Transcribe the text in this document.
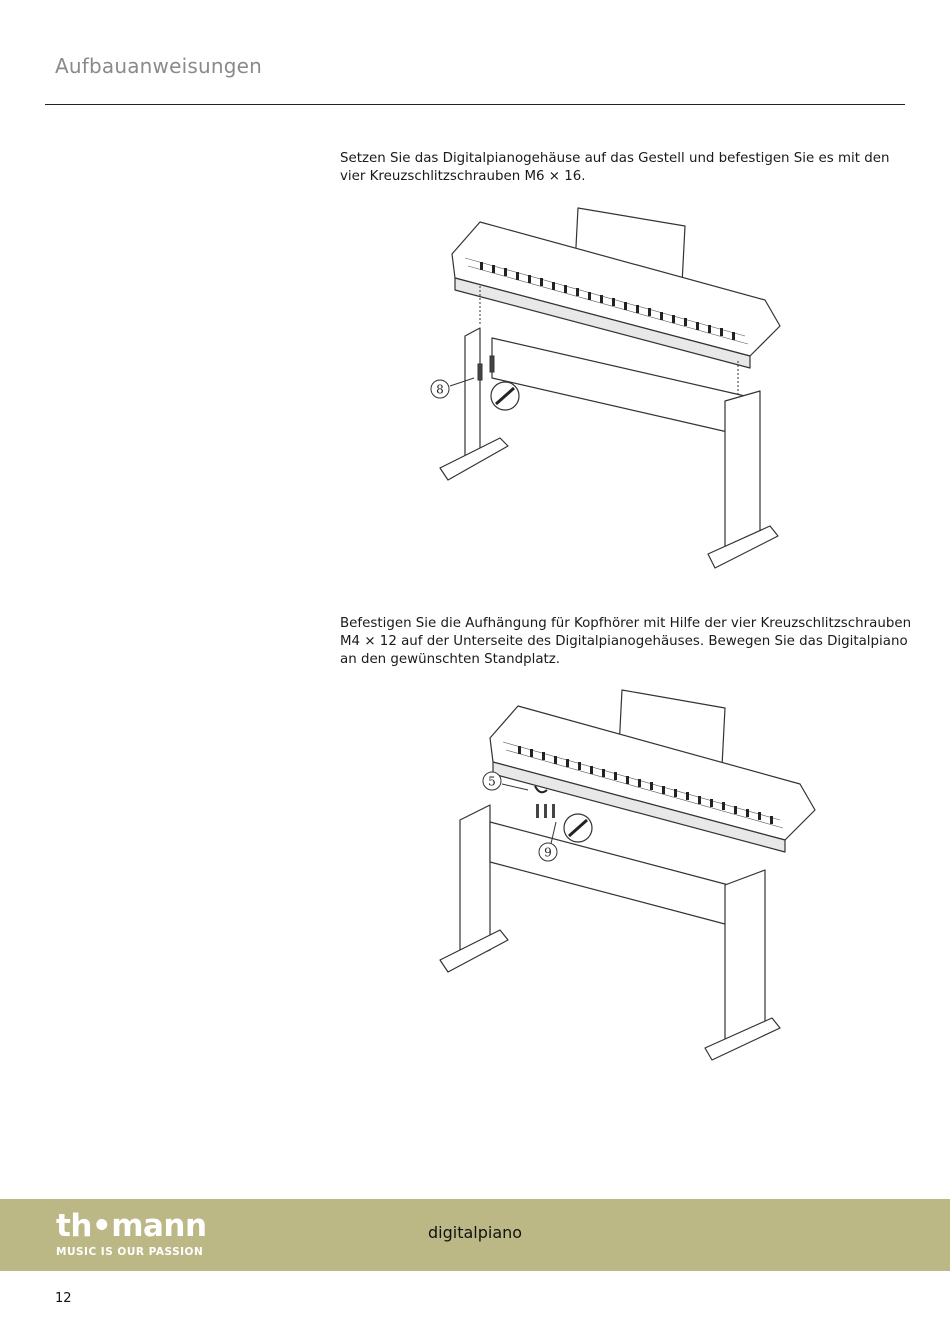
Aufbauanweisungen

Setzen Sie das Digitalpianogehäuse auf das Gestell und befestigen Sie es mit den vier Kreuzschlitzschrauben M6 × 16.

8

Befestigen Sie die Aufhängung für Kopfhörer mit Hilfe der vier Kreuzschlitzschrauben M4 × 12 auf der Unterseite des Digitalpianogehäuses. Bewegen Sie das Digitalpiano an den gewünschten Standplatz.

5
9
th•mann
MUSIC IS OUR PASSION
digitalpiano
12
